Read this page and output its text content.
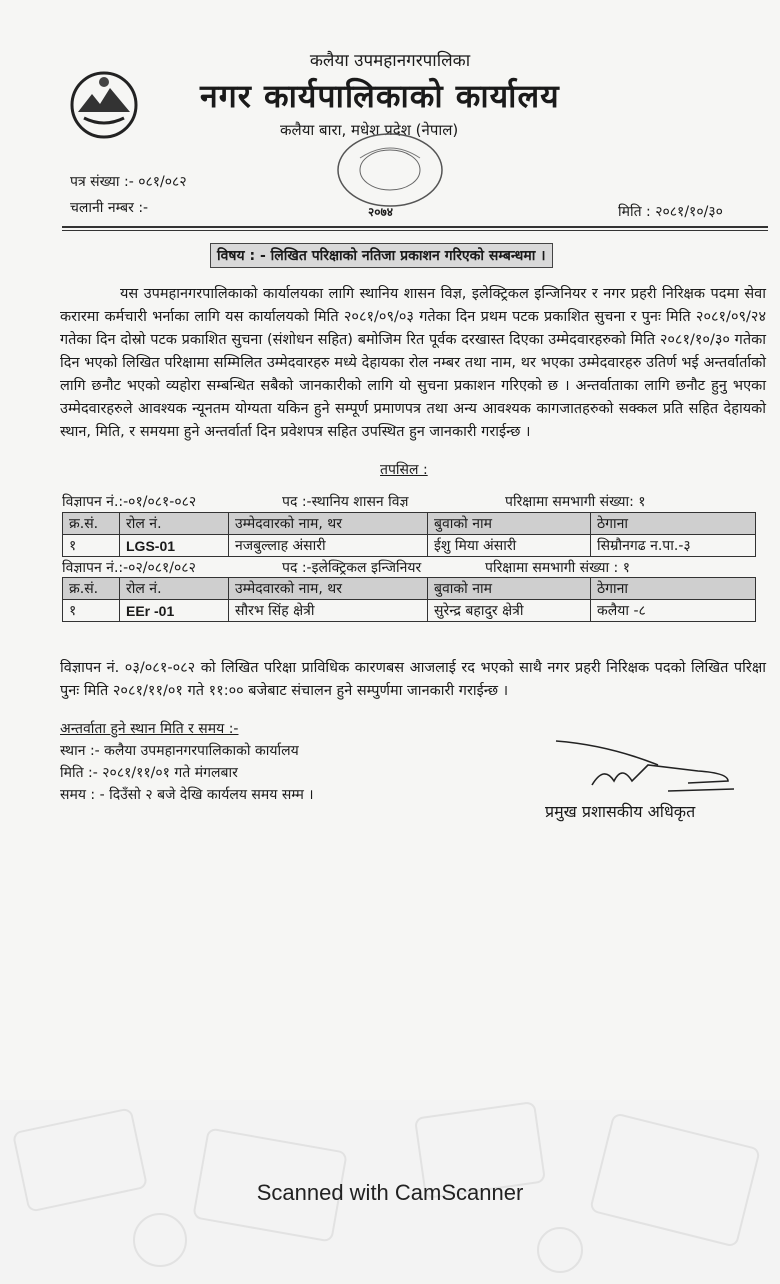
कलैया उपमहानगरपालिका
नगर कार्यपालिकाको कार्यालय
कलैया बारा, मधेश प्रदेश (नेपाल)
२०७४
पत्र संख्या :- ०८१/०८२
चलानी नम्बर :-	मिति : २०८१/१०/३०
विषय : - लिखित परिक्षाको नतिजा प्रकाशन गरिएको सम्बन्धमा ।
यस उपमहानगरपालिकाको कार्यालयका लागि स्थानिय शासन विज्ञ, इलेक्ट्रिकल इन्जिनियर र नगर प्रहरी निरिक्षक पदमा सेवा करारमा कर्मचारी भर्नाका लागि यस कार्यालयको मिति २०८१/०९/०३ गतेका दिन प्रथम पटक प्रकाशित सुचना र पुनः मिति २०८१/०९/२४ गतेका दिन दोस्रो पटक प्रकाशित सुचना (संशोधन सहित) बमोजिम रित पूर्वक दरखास्त दिएका उम्मेदवारहरुको मिति २०८१/१०/३० गतेका दिन भएको लिखित परिक्षामा सम्मिलित उम्मेदवारहरु मध्ये देहायका रोल नम्बर तथा नाम, थर भएका उम्मेदवारहरु उतिर्ण भई अन्तर्वार्ताको लागि छनौट भएको व्यहोरा सम्बन्धित सबैको जानकारीको लागि यो सुचना प्रकाशन गरिएको छ । अन्तर्वाताका लागि छनौट हुनु भएका उम्मेदवारहरुले आवश्यक न्यूनतम योग्यता यकिन हुने सम्पूर्ण प्रमाणपत्र तथा अन्य आवश्यक कागजातहरुको सक्कल प्रति सहित देहायको स्थान, मिति, र समयमा हुने अन्तर्वार्ता दिन प्रवेशपत्र सहित उपस्थित हुन जानकारी गराईन्छ ।
तपसिल :
विज्ञापन नं.:-०१/०८१-०८२	पद :-स्थानिय शासन विज्ञ	परिक्षामा समभागी संख्या: १
क्र.सं.	रोल नं.	उम्मेदवारको नाम, थर	बुवाको नाम	ठेगाना
१	LGS-01	नजबुल्लाह अंसारी	ईशु मिया अंसारी	सिम्रौनगढ न.पा.-३
विज्ञापन नं.:-०२/०८१/०८२	पद :-इलेक्ट्रिकल इन्जिनियर	परिक्षामा समभागी संख्या : १
क्र.सं.	रोल नं.	उम्मेदवारको नाम, थर	बुवाको नाम	ठेगाना
१	EEr -01	सौरभ सिंह क्षेत्री	सुरेन्द्र बहादुर क्षेत्री	कलैया -८
विज्ञापन नं. ०३/०८१-०८२ को लिखित परिक्षा प्राविधिक कारणबस आजलाई रद भएको साथै नगर प्रहरी निरिक्षक पदको लिखित परिक्षा पुनः मिति २०८१/११/०१ गते ११:०० बजेबाट संचालन हुने सम्पुर्णमा जानकारी गराईन्छ ।
अन्तर्वाता हुने स्थान मिति र समय :-
स्थान :- कलैया उपमहानगरपालिकाको कार्यालय
मिति :- २०८१/११/०१ गते मंगलबार
समय : - दिउँसो २ बजे देखि कार्यलय समय सम्म ।
प्रमुख प्रशासकीय अधिकृत
Scanned with CamScanner
